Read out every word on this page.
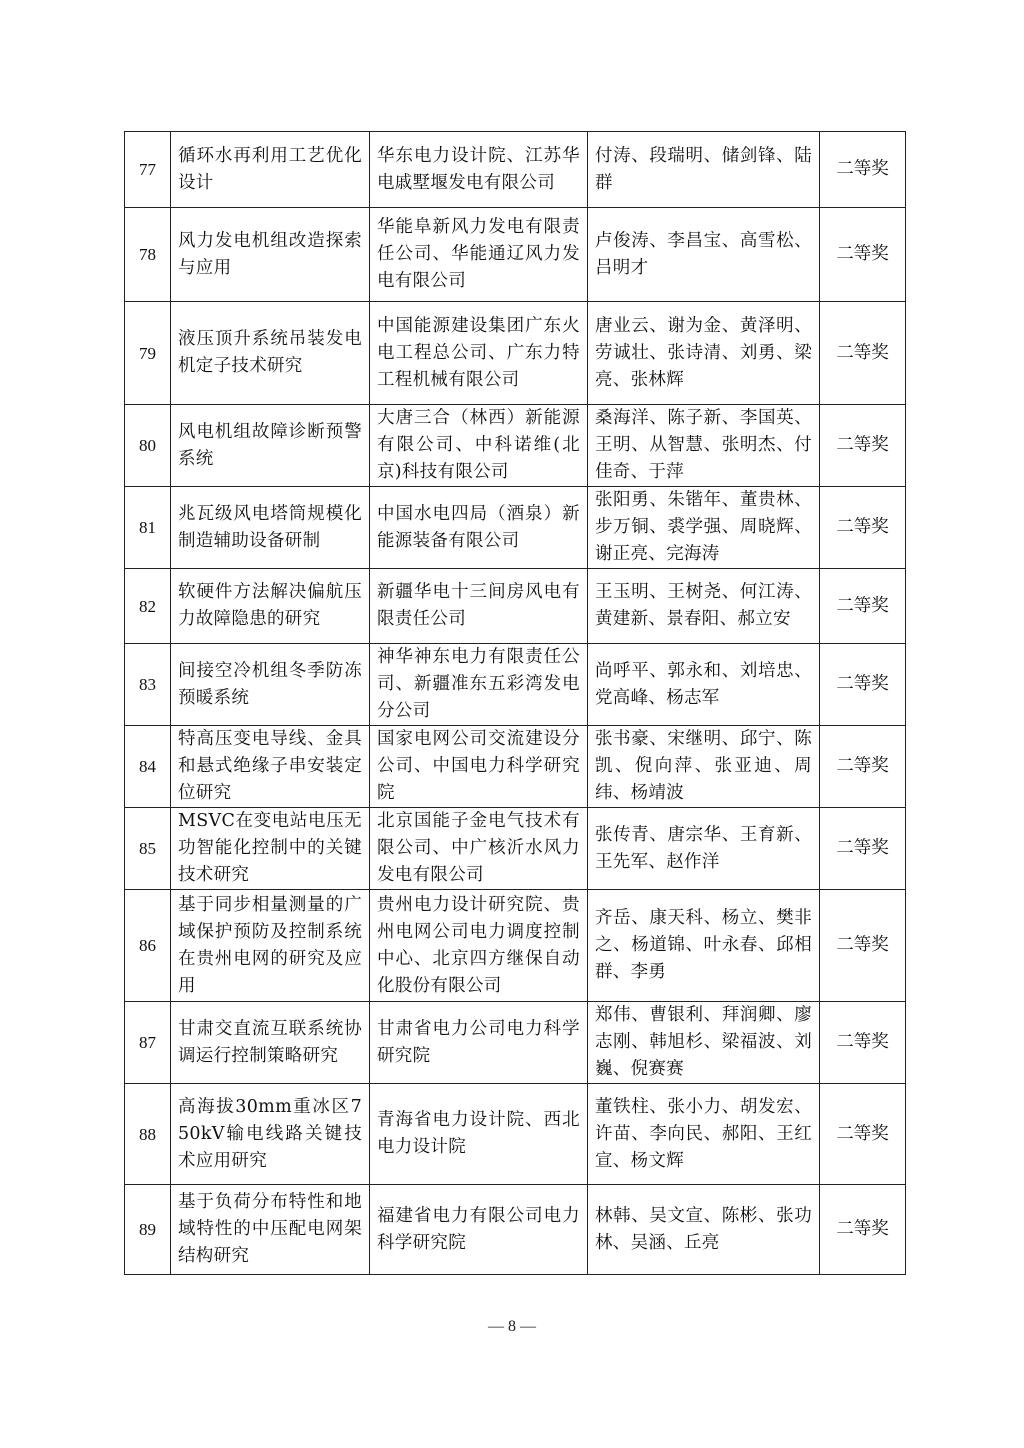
77	循环水再利用工艺优化设计	华东电力设计院、江苏华电戚墅堰发电有限公司	付涛、段瑞明、储剑锋、陆群	二等奖
78	风力发电机组改造探索与应用	华能阜新风力发电有限责任公司、华能通辽风力发电有限公司	卢俊涛、李昌宝、高雪松、吕明才	二等奖
79	液压顶升系统吊装发电机定子技术研究	中国能源建设集团广东火电工程总公司、广东力特工程机械有限公司	唐业云、谢为金、黄泽明、劳诚壮、张诗清、刘勇、梁亮、张林辉	二等奖
80	风电机组故障诊断预警系统	大唐三合（林西）新能源有限公司、中科诺维(北京)科技有限公司	桑海洋、陈子新、李国英、王明、从智慧、张明杰、付佳奇、于萍	二等奖
81	兆瓦级风电塔筒规模化制造辅助设备研制	中国水电四局（酒泉）新能源装备有限公司	张阳勇、朱锴年、董贵林、步万铜、裘学强、周晓辉、谢正亮、完海涛	二等奖
82	软硬件方法解决偏航压力故障隐患的研究	新疆华电十三间房风电有限责任公司	王玉明、王树尧、何江涛、黄建新、景春阳、郝立安	二等奖
83	间接空冷机组冬季防冻预暖系统	神华神东电力有限责任公司、新疆准东五彩湾发电分公司	尚呼平、郭永和、刘培忠、党高峰、杨志军	二等奖
84	特高压变电导线、金具和悬式绝缘子串安装定位研究	国家电网公司交流建设分公司、中国电力科学研究院	张书豪、宋继明、邱宁、陈凯、倪向萍、张亚迪、周纬、杨靖波	二等奖
85	MSVC在变电站电压无功智能化控制中的关键技术研究	北京国能子金电气技术有限公司、中广核沂水风力发电有限公司	张传青、唐宗华、王育新、王先军、赵作洋	二等奖
86	基于同步相量测量的广域保护预防及控制系统在贵州电网的研究及应用	贵州电力设计研究院、贵州电网公司电力调度控制中心、北京四方继保自动化股份有限公司	齐岳、康天科、杨立、樊非之、杨道锦、叶永春、邱相群、李勇	二等奖
87	甘肃交直流互联系统协调运行控制策略研究	甘肃省电力公司电力科学研究院	郑伟、曹银利、拜润卿、廖志刚、韩旭杉、梁福波、刘巍、倪赛赛	二等奖
88	高海拔30mm重冰区750kV输电线路关键技术应用研究	青海省电力设计院、西北电力设计院	董铁柱、张小力、胡发宏、许苗、李向民、郝阳、王红宣、杨文辉	二等奖
89	基于负荷分布特性和地域特性的中压配电网架结构研究	福建省电力有限公司电力科学研究院	林韩、吴文宣、陈彬、张功林、吴涵、丘亮	二等奖
— 8 —
